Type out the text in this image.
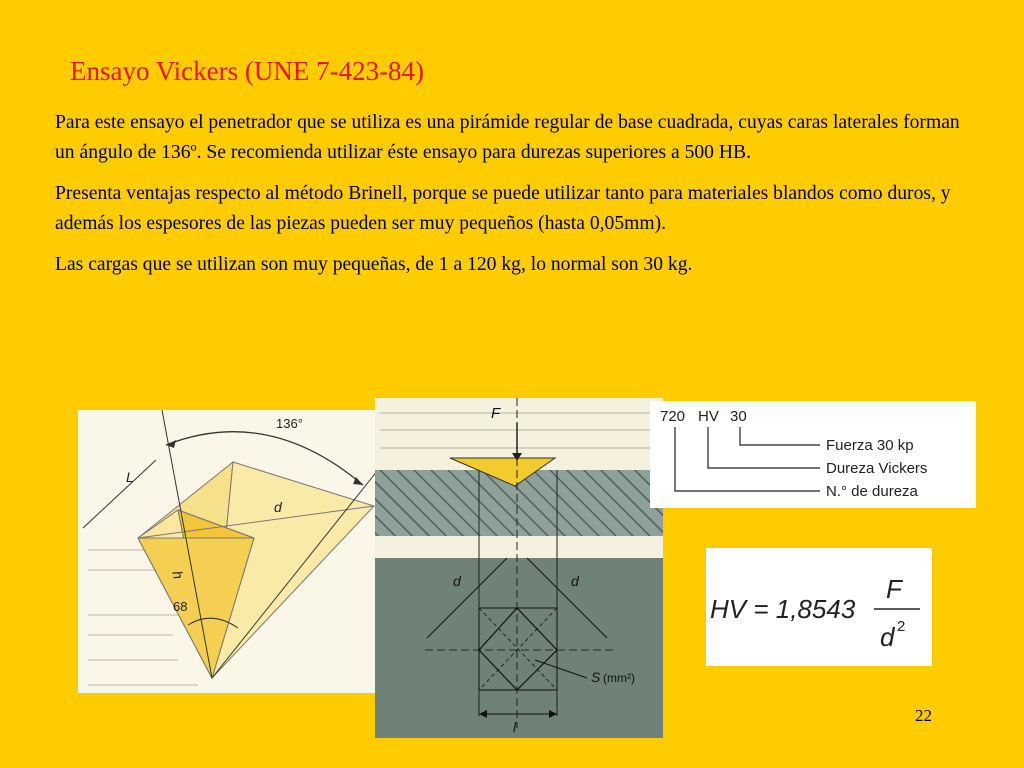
Ensayo Vickers (UNE 7-423-84)

Para este ensayo el penetrador que se utiliza es una pirámide regular de base cuadrada, cuyas caras laterales forman un ángulo de 136º. Se recomienda utilizar éste ensayo para durezas superiores a 500 HB.

Presenta ventajas respecto al método Brinell, porque se puede utilizar tanto para materiales blandos como duros, y además los espesores de las piezas pueden ser muy pequeños (hasta 0,05mm).

Las cargas que se utilizan son muy pequeñas, de 1 a 120 kg, lo normal son 30 kg.

136°
L
d
h
68
F
d	d
S (mm²)
l
720 HV 30
Fuerza 30 kp
Dureza Vickers
N.° de dureza
HV = 1,8543
F
d 2
22
